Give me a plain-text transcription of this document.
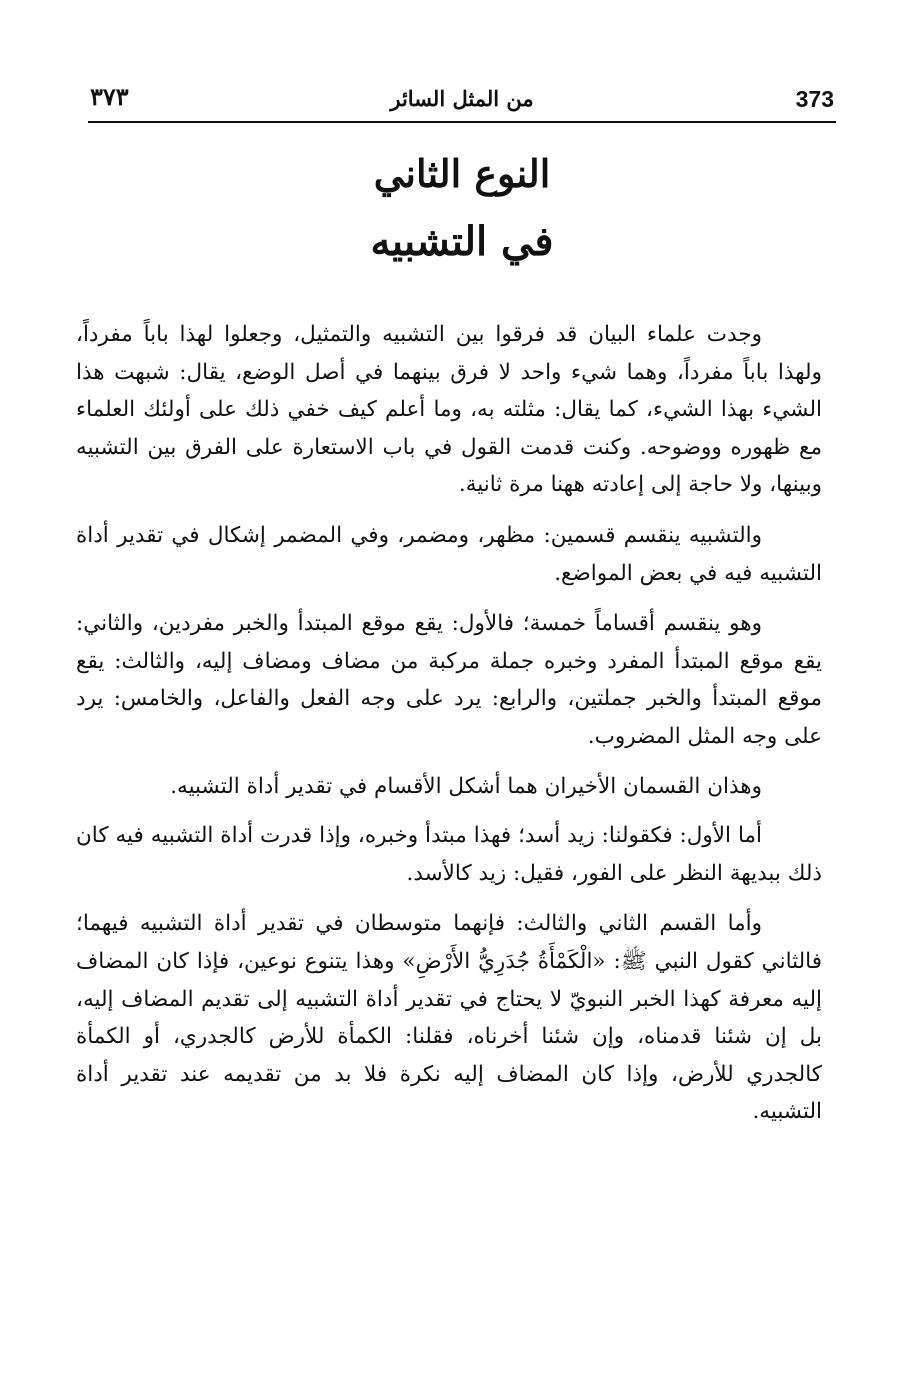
٣٧٣	من المثل السائر	373
النوع الثاني
في التشبيه

وجدت علماء البيان قد فرقوا بين التشبيه والتمثيل، وجعلوا لهذا باباً مفرداً، ولهذا باباً مفرداً، وهما شيء واحد لا فرق بينهما في أصل الوضع، يقال: شبهت هذا الشيء بهذا الشيء، كما يقال: مثلته به، وما أعلم كيف خفي ذلك على أولئك العلماء مع ظهوره ووضوحه. وكنت قدمت القول في باب الاستعارة على الفرق بين التشبيه وبينها، ولا حاجة إلى إعادته ههنا مرة ثانية.

والتشبيه ينقسم قسمين: مظهر، ومضمر، وفي المضمر إشكال في تقدير أداة التشبيه فيه في بعض المواضع.

وهو ينقسم أقساماً خمسة؛ فالأول: يقع موقع المبتدأ والخبر مفردين، والثاني: يقع موقع المبتدأ المفرد وخبره جملة مركبة من مضاف ومضاف إليه، والثالث: يقع موقع المبتدأ والخبر جملتين، والرابع: يرد على وجه الفعل والفاعل، والخامس: يرد على وجه المثل المضروب.

وهذان القسمان الأخيران هما أشكل الأقسام في تقدير أداة التشبيه.

أما الأول: فكقولنا: زيد أسد؛ فهذا مبتدأ وخبره، وإذا قدرت أداة التشبيه فيه كان ذلك ببديهة النظر على الفور، فقيل: زيد كالأسد.

وأما القسم الثاني والثالث: فإنهما متوسطان في تقدير أداة التشبيه فيهما؛ فالثاني كقول النبي ﷺ: «الْكَمْأَةُ جُدَرِيُّ الأَرْضِ» وهذا يتنوع نوعين، فإذا كان المضاف إليه معرفة كهذا الخبر النبويّ لا يحتاج في تقدير أداة التشبيه إلى تقديم المضاف إليه، بل إن شئنا قدمناه، وإن شئنا أخرناه، فقلنا: الكمأة للأرض كالجدري، أو الكمأة كالجدري للأرض، وإذا كان المضاف إليه نكرة فلا بد من تقديمه عند تقدير أداة التشبيه.
